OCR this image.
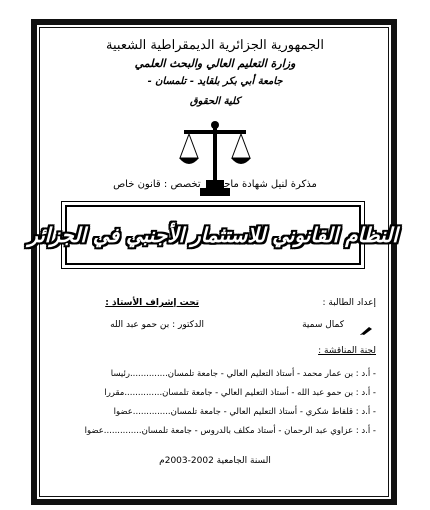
الجمهورية الجزائرية الديمقراطية الشعبية
وزارة التعليم العالي والبحث العلمي
جامعة أبي بكر بلقايد - تلمسان -
كلية الحقوق
مذكرة لنيل شهادة ماجستير تخصص : قانون خاص
النظام القانوني للاستثمار الأجنبي في الجزائر
إعداد الطالبة :
تحت إشراف الأستاذ :
كمال سمية
الدكتور : بن حمو عبد الله
لجنة المناقشة :
- أ.د : بن عمار محمد - أستاذ التعليم العالي - جامعة تلمسان..............رئيسا
- أ.د : بن حمو عبد الله - أستاذ التعليم العالي - جامعة تلمسان..............مقررا
- أ.د : قلفاط شكري - أستاذ التعليم العالي - جامعة تلمسان..............عضوا
- أ.د : عزاوي عبد الرحمان - أستاذ مكلف بالدروس - جامعة تلمسان..............عضوا
السنة الجامعية 2002-2003م
